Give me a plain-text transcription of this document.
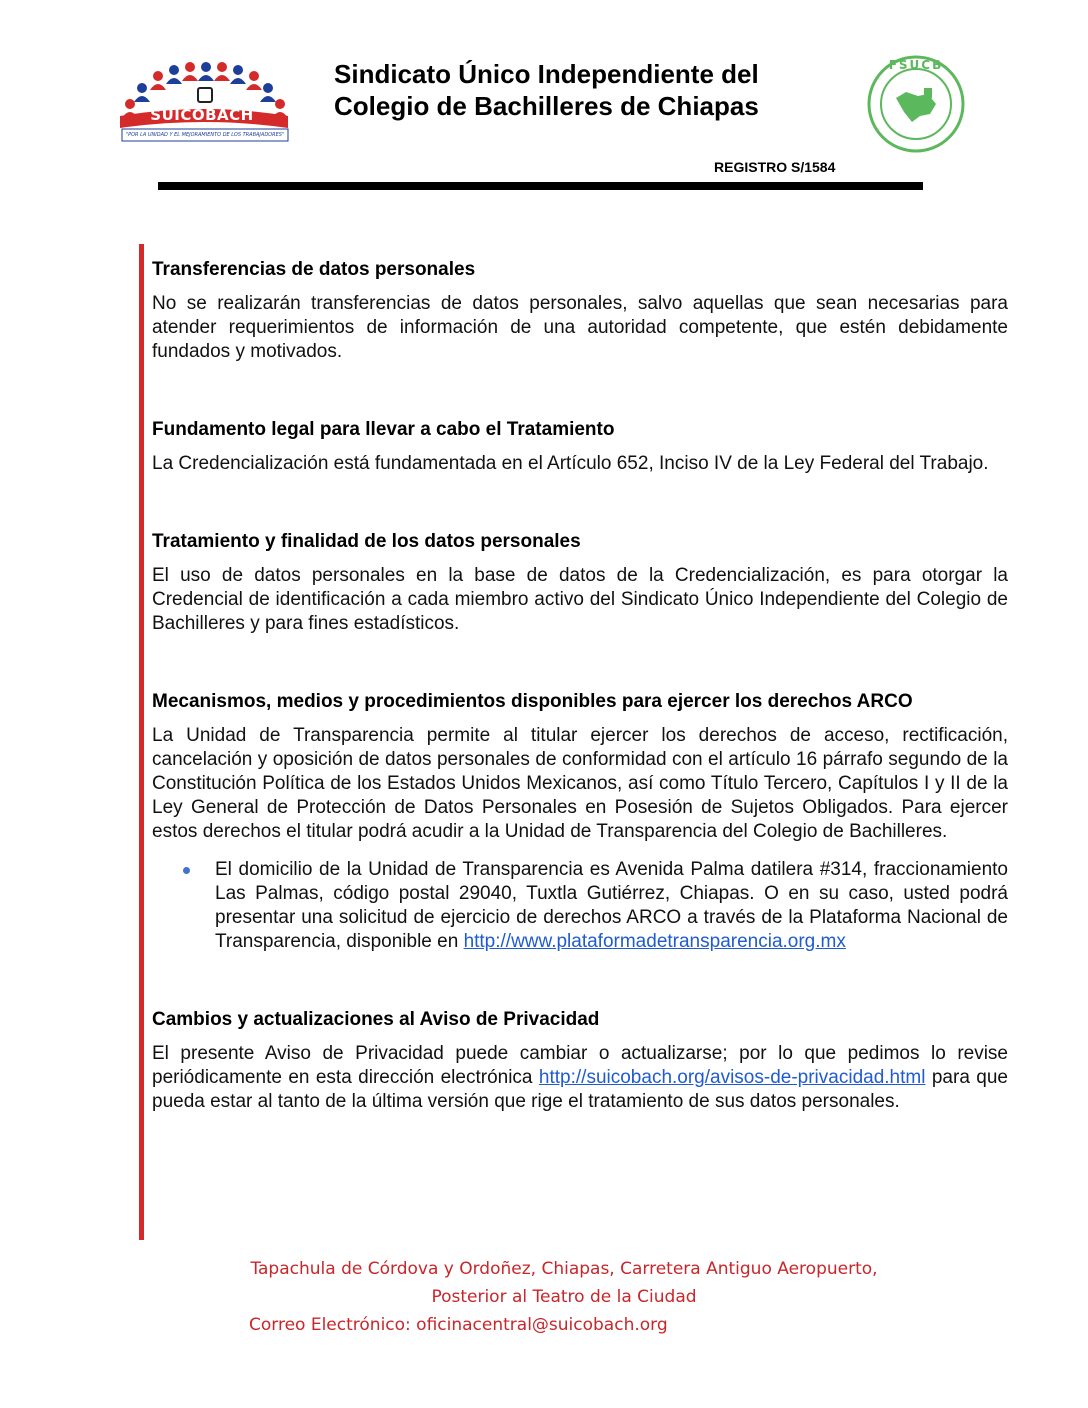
SUICOBACH
"POR LA UNIDAD Y EL MEJORAMIENTO DE LOS TRABAJADORES"
Sindicato Único Independiente del
Colegio de Bachilleres de Chiapas
FSUCB
REGISTRO S/1584
Transferencias de datos personales

No se realizarán transferencias de datos personales, salvo aquellas que sean necesarias para atender requerimientos de información de una autoridad competente, que estén debidamente fundados y motivados.

Fundamento legal para llevar a cabo el Tratamiento

La Credencialización está fundamentada en el Artículo 652, Inciso IV de la Ley Federal del Trabajo.

Tratamiento y finalidad de los datos personales

El uso de datos personales en la base de datos de la Credencialización, es para otorgar la Credencial de identificación a cada miembro activo del Sindicato Único Independiente del Colegio de Bachilleres y para fines estadísticos.

Mecanismos, medios y procedimientos disponibles para ejercer los derechos ARCO

La Unidad de Transparencia permite al titular ejercer los derechos de acceso, rectificación, cancelación y oposición de datos personales de conformidad con el artículo 16 párrafo segundo de la Constitución Política de los Estados Unidos Mexicanos, así como Título Tercero, Capítulos I y II de la Ley General de Protección de Datos Personales en Posesión de Sujetos Obligados. Para ejercer estos derechos el titular podrá acudir a la Unidad de Transparencia del Colegio de Bachilleres.

El domicilio de la Unidad de Transparencia es Avenida Palma datilera #314, fraccionamiento Las Palmas, código postal 29040, Tuxtla Gutiérrez, Chiapas. O en su caso, usted podrá presentar una solicitud de ejercicio de derechos ARCO a través de la Plataforma Nacional de Transparencia, disponible en http://www.plataformadetransparencia.org.mx
Cambios y actualizaciones al Aviso de Privacidad

El presente Aviso de Privacidad puede cambiar o actualizarse; por lo que pedimos lo revise periódicamente en esta dirección electrónica http://suicobach.org/avisos-de-privacidad.html para que pueda estar al tanto de la última versión que rige el tratamiento de sus datos personales.

Tapachula de Córdova y Ordoñez, Chiapas, Carretera Antiguo Aeropuerto,
Posterior al Teatro de la Ciudad
Correo Electrónico: oficinacentral@suicobach.org
